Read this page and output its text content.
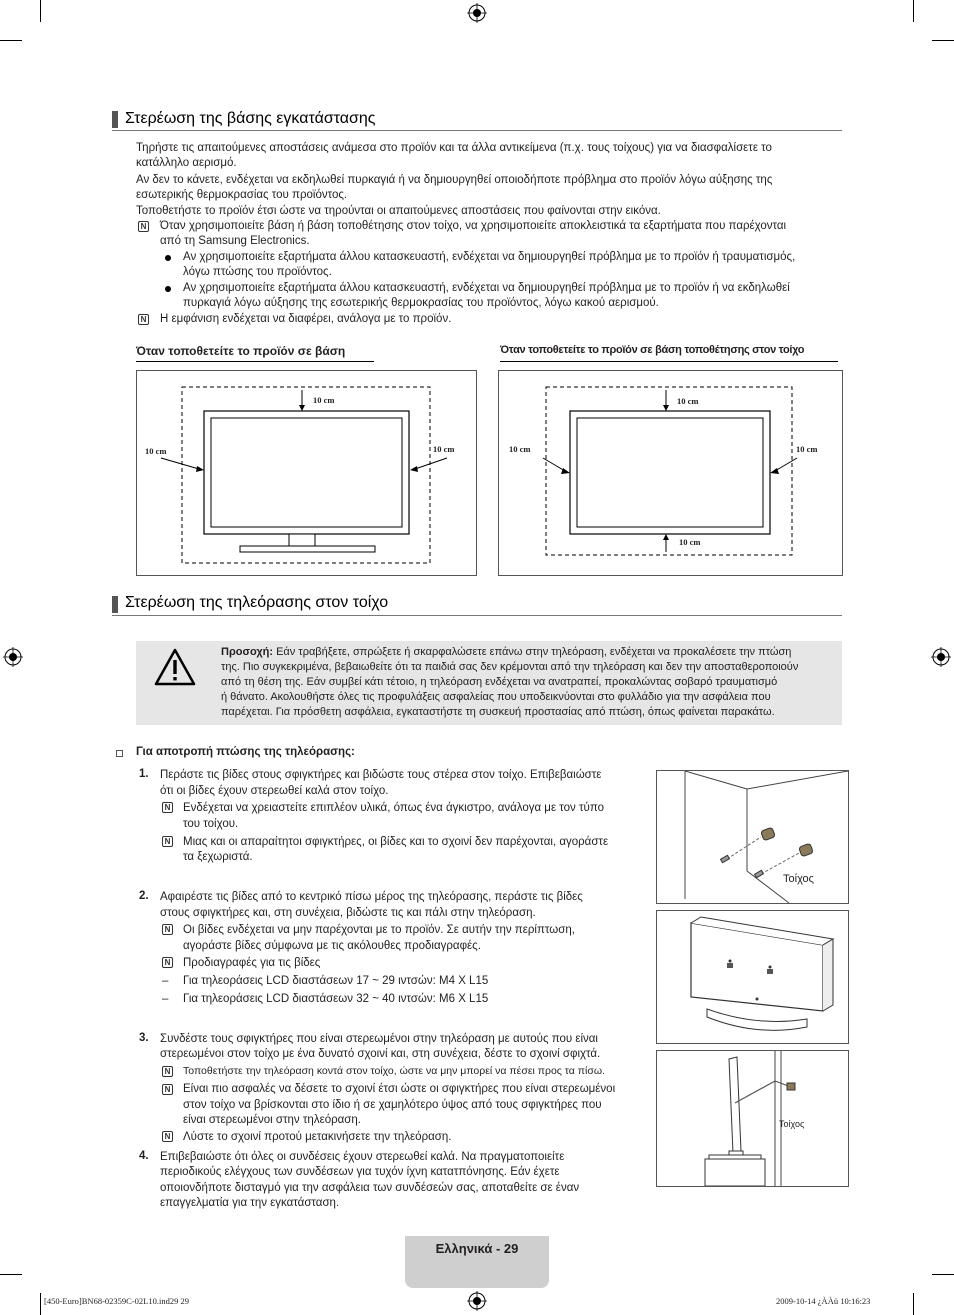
Στερέωση της βάσης εγκατάστασης
Τηρήστε τις απαιτούμενες αποστάσεις ανάμεσα στο προϊόν και τα άλλα αντικείμενα (π.χ. τους τοίχους) για να διασφαλίσετε το
κατάλληλο αερισμό.
Αν δεν το κάνετε, ενδέχεται να εκδηλωθεί πυρκαγιά ή να δημιουργηθεί οποιοδήποτε πρόβλημα στο προϊόν λόγω αύξησης της
εσωτερικής θερμοκρασίας του προϊόντος.
Τοποθετήστε το προϊόν έτσι ώστε να τηρούνται οι απαιτούμενες αποστάσεις που φαίνονται στην εικόνα.
N Όταν χρησιμοποιείτε βάση ή βάση τοποθέτησης στον τοίχο, να χρησιμοποιείτε αποκλειστικά τα εξαρτήματα που παρέχονται
από τη Samsung Electronics.
Αν χρησιμοποιείτε εξαρτήματα άλλου κατασκευαστή, ενδέχεται να δημιουργηθεί πρόβλημα με το προϊόν ή τραυματισμός,
λόγω πτώσης του προϊόντος.
Αν χρησιμοποιείτε εξαρτήματα άλλου κατασκευαστή, ενδέχεται να δημιουργηθεί πρόβλημα με το προϊόν ή να εκδηλωθεί
πυρκαγιά λόγω αύξησης της εσωτερικής θερμοκρασίας του προϊόντος, λόγω κακού αερισμού.
N Η εμφάνιση ενδέχεται να διαφέρει, ανάλογα με το προϊόν.
Όταν τοποθετείτε το προϊόν σε βάση	Όταν τοποθετείτε το προϊόν σε βάση τοποθέτησης στον τοίχο
10 cm
10 cm	10 cm
10 cm
10 cm	10 cm
10 cm
Στερέωση της τηλεόρασης στον τοίχο
Προσοχή: Εάν τραβήξετε, σπρώξετε ή σκαρφαλώσετε επάνω στην τηλεόραση, ενδέχεται να προκαλέσετε την πτώση
της. Πιο συγκεκριμένα, βεβαιωθείτε ότι τα παιδιά σας δεν κρέμονται από την τηλεόραση και δεν την αποσταθεροποιούν
από τη θέση της. Εάν συμβεί κάτι τέτοιο, η τηλεόραση ενδέχεται να ανατραπεί, προκαλώντας σοβαρό τραυματισμό
ή θάνατο. Ακολουθήστε όλες τις προφυλάξεις ασφαλείας που υποδεικνύονται στο φυλλάδιο για την ασφάλεια που
παρέχεται. Για πρόσθετη ασφάλεια, εγκαταστήστε τη συσκευή προστασίας από πτώση, όπως φαίνεται παρακάτω.
Για αποτροπή πτώσης της τηλεόρασης:
1. Περάστε τις βίδες στους σφιγκτήρες και βιδώστε τους στέρεα στον τοίχο. Επιβεβαιώστε
ότι οι βίδες έχουν στερεωθεί καλά στον τοίχο.
N Ενδέχεται να χρειαστείτε επιπλέον υλικά, όπως ένα άγκιστρο, ανάλογα με τον τύπο
του τοίχου.
N Μιας και οι απαραίτητοι σφιγκτήρες, οι βίδες και το σχοινί δεν παρέχονται, αγοράστε
τα ξεχωριστά.
2. Αφαιρέστε τις βίδες από το κεντρικό πίσω μέρος της τηλεόρασης, περάστε τις βίδες
στους σφιγκτήρες και, στη συνέχεια, βιδώστε τις και πάλι στην τηλεόραση.
N Οι βίδες ενδέχεται να μην παρέχονται με το προϊόν. Σε αυτήν την περίπτωση,
αγοράστε βίδες σύμφωνα με τις ακόλουθες προδιαγραφές.
N Προδιαγραφές για τις βίδες
– Για τηλεοράσεις LCD διαστάσεων 17 ~ 29 ιντσών: M4 X L15
– Για τηλεοράσεις LCD διαστάσεων 32 ~ 40 ιντσών: M6 X L15
3. Συνδέστε τους σφιγκτήρες που είναι στερεωμένοι στην τηλεόραση με αυτούς που είναι
στερεωμένοι στον τοίχο με ένα δυνατό σχοινί και, στη συνέχεια, δέστε το σχοινί σφιχτά.
N Τοποθετήστε την τηλεόραση κοντά στον τοίχο, ώστε να μην μπορεί να πέσει προς τα πίσω.
N Είναι πιο ασφαλές να δέσετε το σχοινί έτσι ώστε οι σφιγκτήρες που είναι στερεωμένοι
στον τοίχο να βρίσκονται στο ίδιο ή σε χαμηλότερο ύψος από τους σφιγκτήρες που
είναι στερεωμένοι στην τηλεόραση.
N Λύστε το σχοινί προτού μετακινήσετε την τηλεόραση.
4. Επιβεβαιώστε ότι όλες οι συνδέσεις έχουν στερεωθεί καλά. Να πραγματοποιείτε
περιοδικούς ελέγχους των συνδέσεων για τυχόν ίχνη κατατπόνησης. Εάν έχετε
οποιονδήποτε δισταγμό για την ασφάλεια των συνδέσεών σας, αποταθείτε σε έναν
επαγγελματία για την εγκατάσταση.
Τοίχος
Τοίχος
Ελληνικά - 29
[450-Euro]BN68-02359C-02L10.ind29 29	2009-10-14 ¿ÀÀü 10:16:23
